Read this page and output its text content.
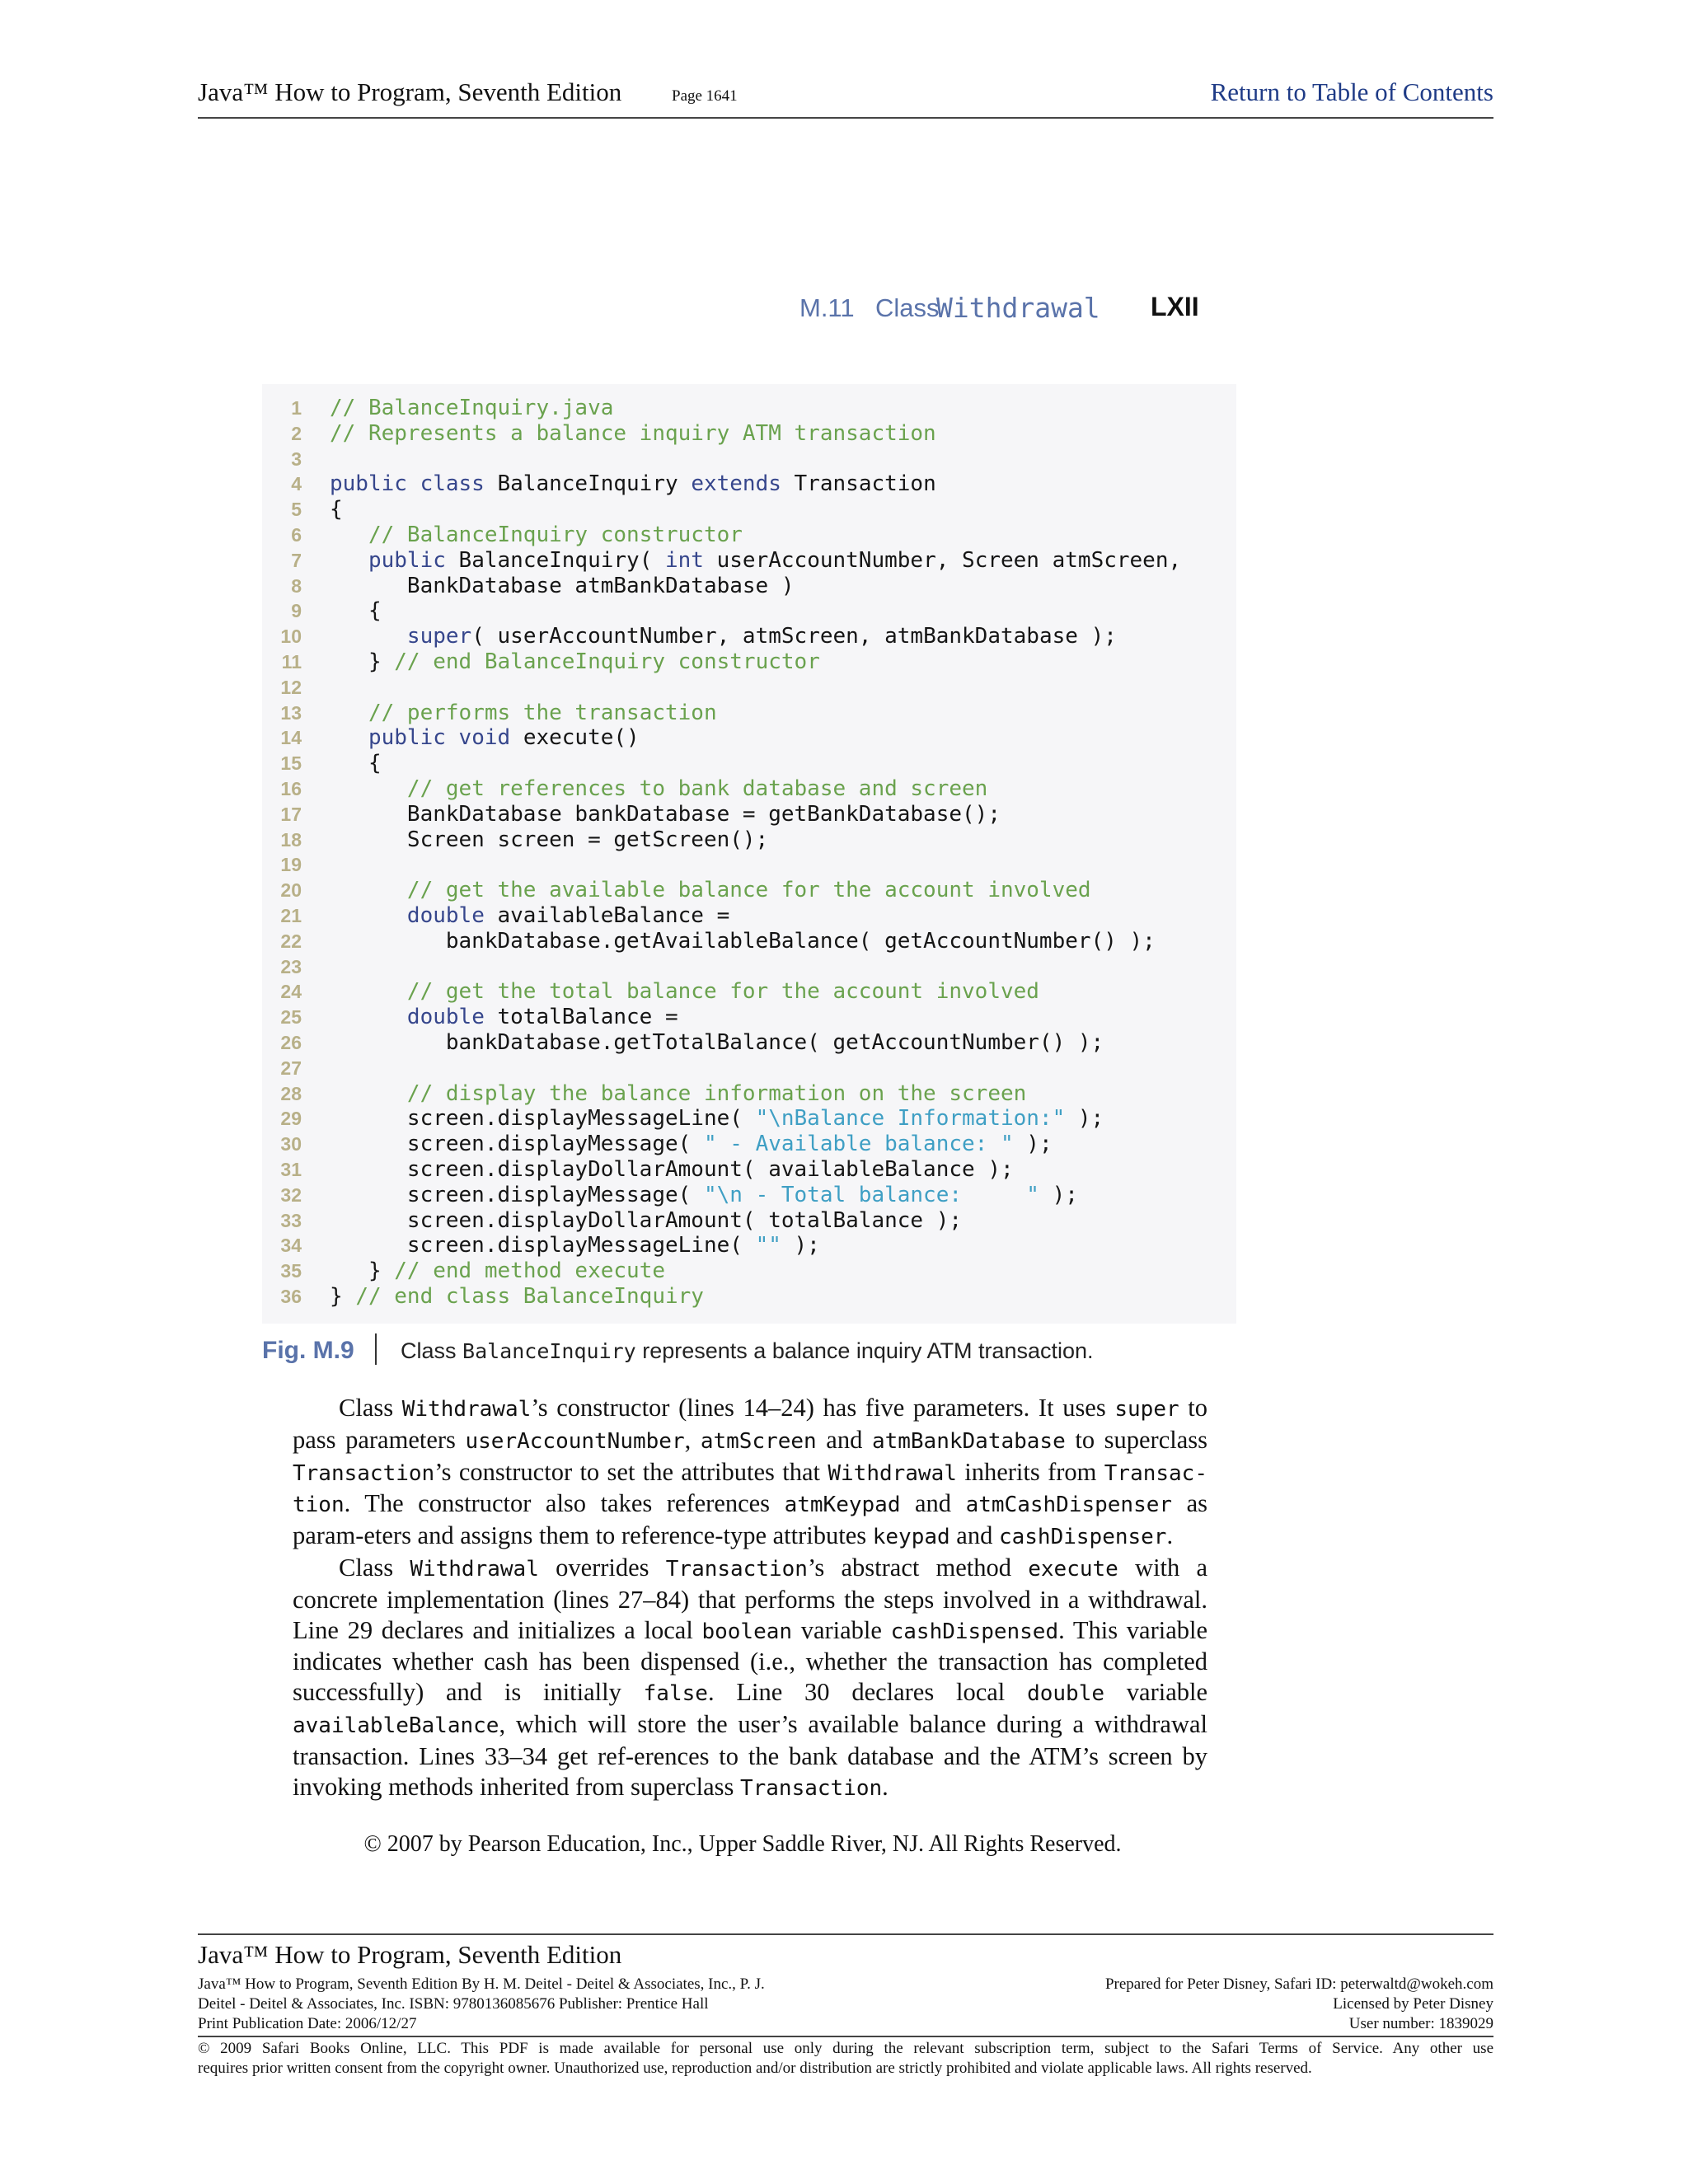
Java™ How to Program, Seventh Edition	Page 1641	Return to Table of Contents
M.11 Class
Withdrawal LXII
1 // BalanceInquiry.java
2 // Represents a balance inquiry ATM transaction
3
4 public class BalanceInquiry extends Transaction
5 {
6	// BalanceInquiry constructor
7	public BalanceInquiry( int userAccountNumber, Screen atmScreen,
8 BankDatabase atmBankDatabase )
9 {
10	super( userAccountNumber, atmScreen, atmBankDatabase );
11 } // end BalanceInquiry constructor
12
13	// performs the transaction
14	public void execute()
15 {
16	// get references to bank database and screen
17 BankDatabase bankDatabase = getBankDatabase();
18 Screen screen = getScreen();
19
20	// get the available balance for the account involved
21	double availableBalance =
22 bankDatabase.getAvailableBalance( getAccountNumber() );
23
24	// get the total balance for the account involved
25	double totalBalance =
26 bankDatabase.getTotalBalance( getAccountNumber() );
27
28	// display the balance information on the screen
29 screen.displayMessageLine( "\nBalance Information:" );
30 screen.displayMessage( " - Available balance: " );
31 screen.displayDollarAmount( availableBalance );
32 screen.displayMessage( "\n - Total balance:     " );
33 screen.displayDollarAmount( totalBalance );
34 screen.displayMessageLine( "" );
35 } // end method execute
36 } // end class BalanceInquiry
Fig. M.9 Class BalanceInquiry represents a balance inquiry ATM transaction.

Class Withdrawal’s constructor (lines 14–24) has five parameters. It uses super to pass parameters userAccountNumber, atmScreen and atmBankDatabase to superclass Transaction’s constructor to set the attributes that Withdrawal inherits from Transac-tion. The constructor also takes references atmKeypad and atmCashDispenser as param-eters and assigns them to reference-type attributes keypad and cashDispenser.

Class Withdrawal overrides Transaction’s abstract method execute with a concrete implementation (lines 27–84) that performs the steps involved in a withdrawal. Line 29 declares and initializes a local boolean variable cashDispensed. This variable indicates whether cash has been dispensed (i.e., whether the transaction has completed successfully) and is initially false. Line 30 declares local double variable availableBalance, which will store the user’s available balance during a withdrawal transaction. Lines 33–34 get ref-erences to the bank database and the ATM’s screen by invoking methods inherited from superclass Transaction.

© 2007 by Pearson Education, Inc., Upper Saddle River, NJ. All Rights Reserved.
Java™ How to Program, Seventh Edition
Java™ How to Program, Seventh Edition By H. M. Deitel - Deitel & Associates, Inc., P. J.
Deitel - Deitel & Associates, Inc. ISBN: 9780136085676 Publisher: Prentice Hall
Print Publication Date: 2006/12/27
Prepared for Peter Disney, Safari ID: peterwaltd@wokeh.com
Licensed by Peter Disney
User number: 1839029
© 2009 Safari Books Online, LLC. This PDF is made available for personal use only during the relevant subscription term, subject to the Safari Terms of Service. Any other use
requires prior written consent from the copyright owner. Unauthorized use, reproduction and/or distribution are strictly prohibited and violate applicable laws. All rights reserved.
